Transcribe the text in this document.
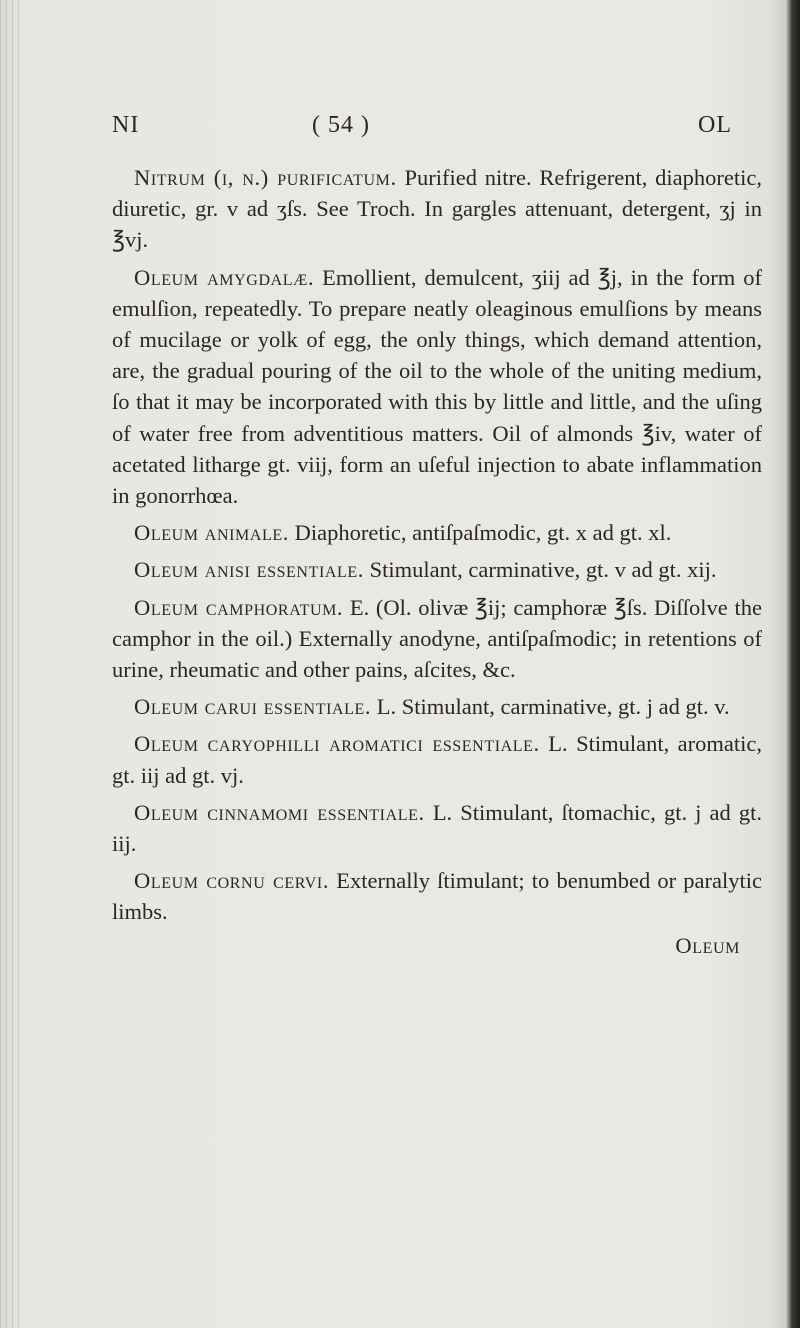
NI	( 54 )	OL
Nitrum (i, n.) purificatum. Purified nitre. Refrigerent, diaphoretic, diuretic, gr. v ad ʒſs. See Troch. In gargles attenuant, detergent, ʒj in ℥vj.
Oleum amygdalæ. Emollient, demulcent, ʒiij ad ℥j, in the form of emulſion, repeatedly. To prepare neatly oleaginous emulſions by means of mucilage or yolk of egg, the only things, which demand attention, are, the gradual pouring of the oil to the whole of the uniting medium, ſo that it may be incorporated with this by little and little, and the uſing of water free from adventitious matters. Oil of almonds ℥iv, water of acetated litharge gt. viij, form an uſeful injection to abate inflammation in gonorrhœa.
Oleum animale. Diaphoretic, antiſpaſmodic, gt. x ad gt. xl.
Oleum anisi essentiale. Stimulant, carminative, gt. v ad gt. xij.
Oleum camphoratum. E. (Ol. olivæ ℥ij; camphoræ ℥ſs. Diſſolve the camphor in the oil.) Externally anodyne, antiſpaſmodic; in retentions of urine, rheumatic and other pains, aſcites, &c.
Oleum carui essentiale. L. Stimulant, carminative, gt. j ad gt. v.
Oleum caryophilli aromatici essentiale. L. Stimulant, aromatic, gt. iij ad gt. vj.
Oleum cinnamomi essentiale. L. Stimulant, ſtomachic, gt. j ad gt. iij.
Oleum cornu cervi. Externally ſtimulant; to benumbed or paralytic limbs.
Oleum
